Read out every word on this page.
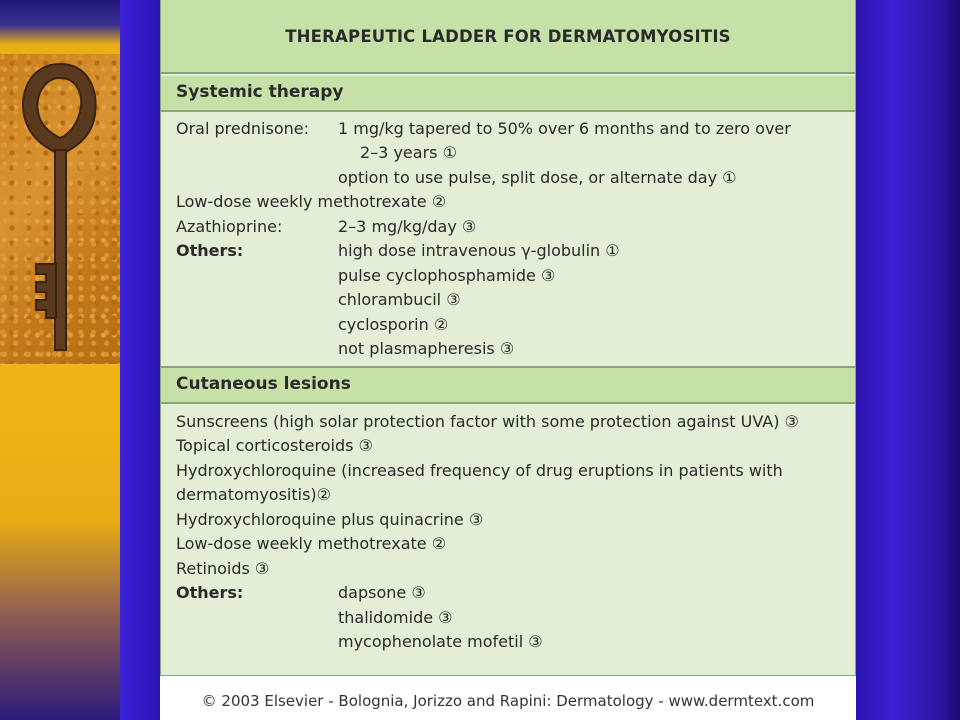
THERAPEUTIC LADDER FOR DERMATOMYOSITIS
Systemic therapy
Oral prednisone: 1 mg/kg tapered to 50% over 6 months and to zero over
2–3 years ①
option to use pulse, split dose, or alternate day ①
Low-dose weekly methotrexate ②
Azathioprine:	2–3 mg/kg/day ③
Others:	high dose intravenous γ-globulin ①
pulse cyclophosphamide ③
chlorambucil ③
cyclosporin ②
not plasmapheresis ③
Cutaneous lesions
Sunscreens (high solar protection factor with some protection against UVA) ③
Topical corticosteroids ③
Hydroxychloroquine (increased frequency of drug eruptions in patients with
dermatomyositis)②
Hydroxychloroquine plus quinacrine ③
Low-dose weekly methotrexate ②
Retinoids ③
Others:	dapsone ③
thalidomide ③
mycophenolate mofetil ③
© 2003 Elsevier - Bolognia, Jorizzo and Rapini: Dermatology - www.dermtext.com
